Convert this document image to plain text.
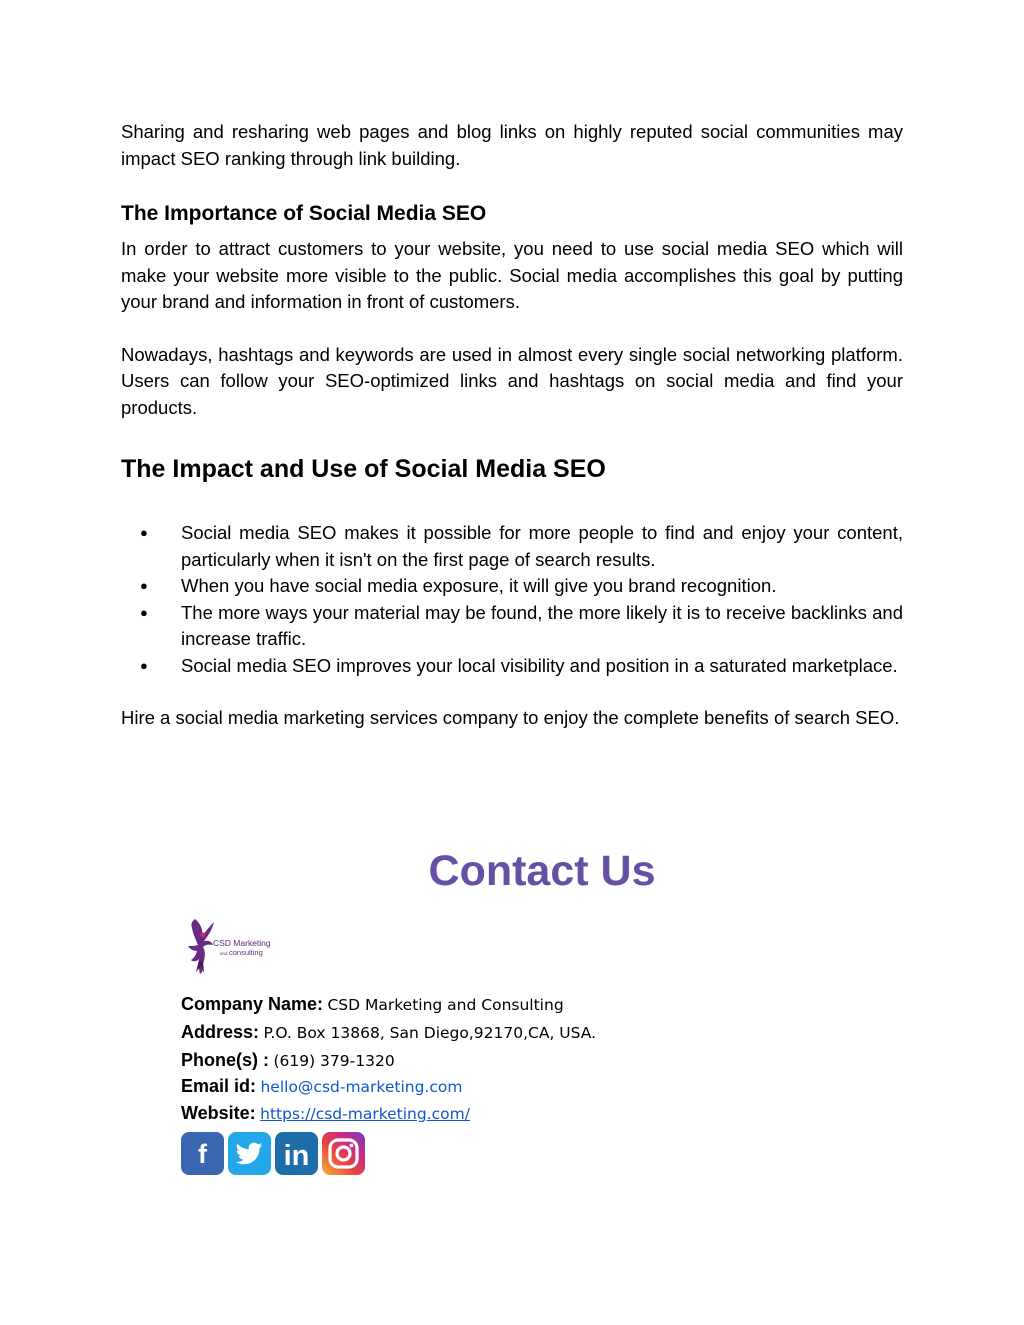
Sharing and resharing web pages and blog links on highly reputed social communities may impact SEO ranking through link building.

The Importance of Social Media SEO

In order to attract customers to your website, you need to use social media SEO which will make your website more visible to the public. Social media accomplishes this goal by putting your brand and information in front of customers.

Nowadays, hashtags and keywords are used in almost every single social networking platform. Users can follow your SEO-optimized links and hashtags on social media and find your products.

The Impact and Use of Social Media SEO
● Social media SEO makes it possible for more people to find and enjoy your content, particularly when it isn't on the first page of search results.
● When you have social media exposure, it will give you brand recognition.
● The more ways your material may be found, the more likely it is to receive backlinks and increase traffic.
● Social media SEO improves your local visibility and position in a saturated marketplace.

Hire a social media marketing services company to enjoy the complete benefits of search SEO.

Contact Us
CSD Marketing
and consulting
Company Name: CSD Marketing and Consulting
Address: P.O. Box 13868, San Diego,92170,CA, USA.
Phone(s) : (619) 379-1320
Email id: hello@csd-marketing.com
Website: https://csd-marketing.com/
f	in
